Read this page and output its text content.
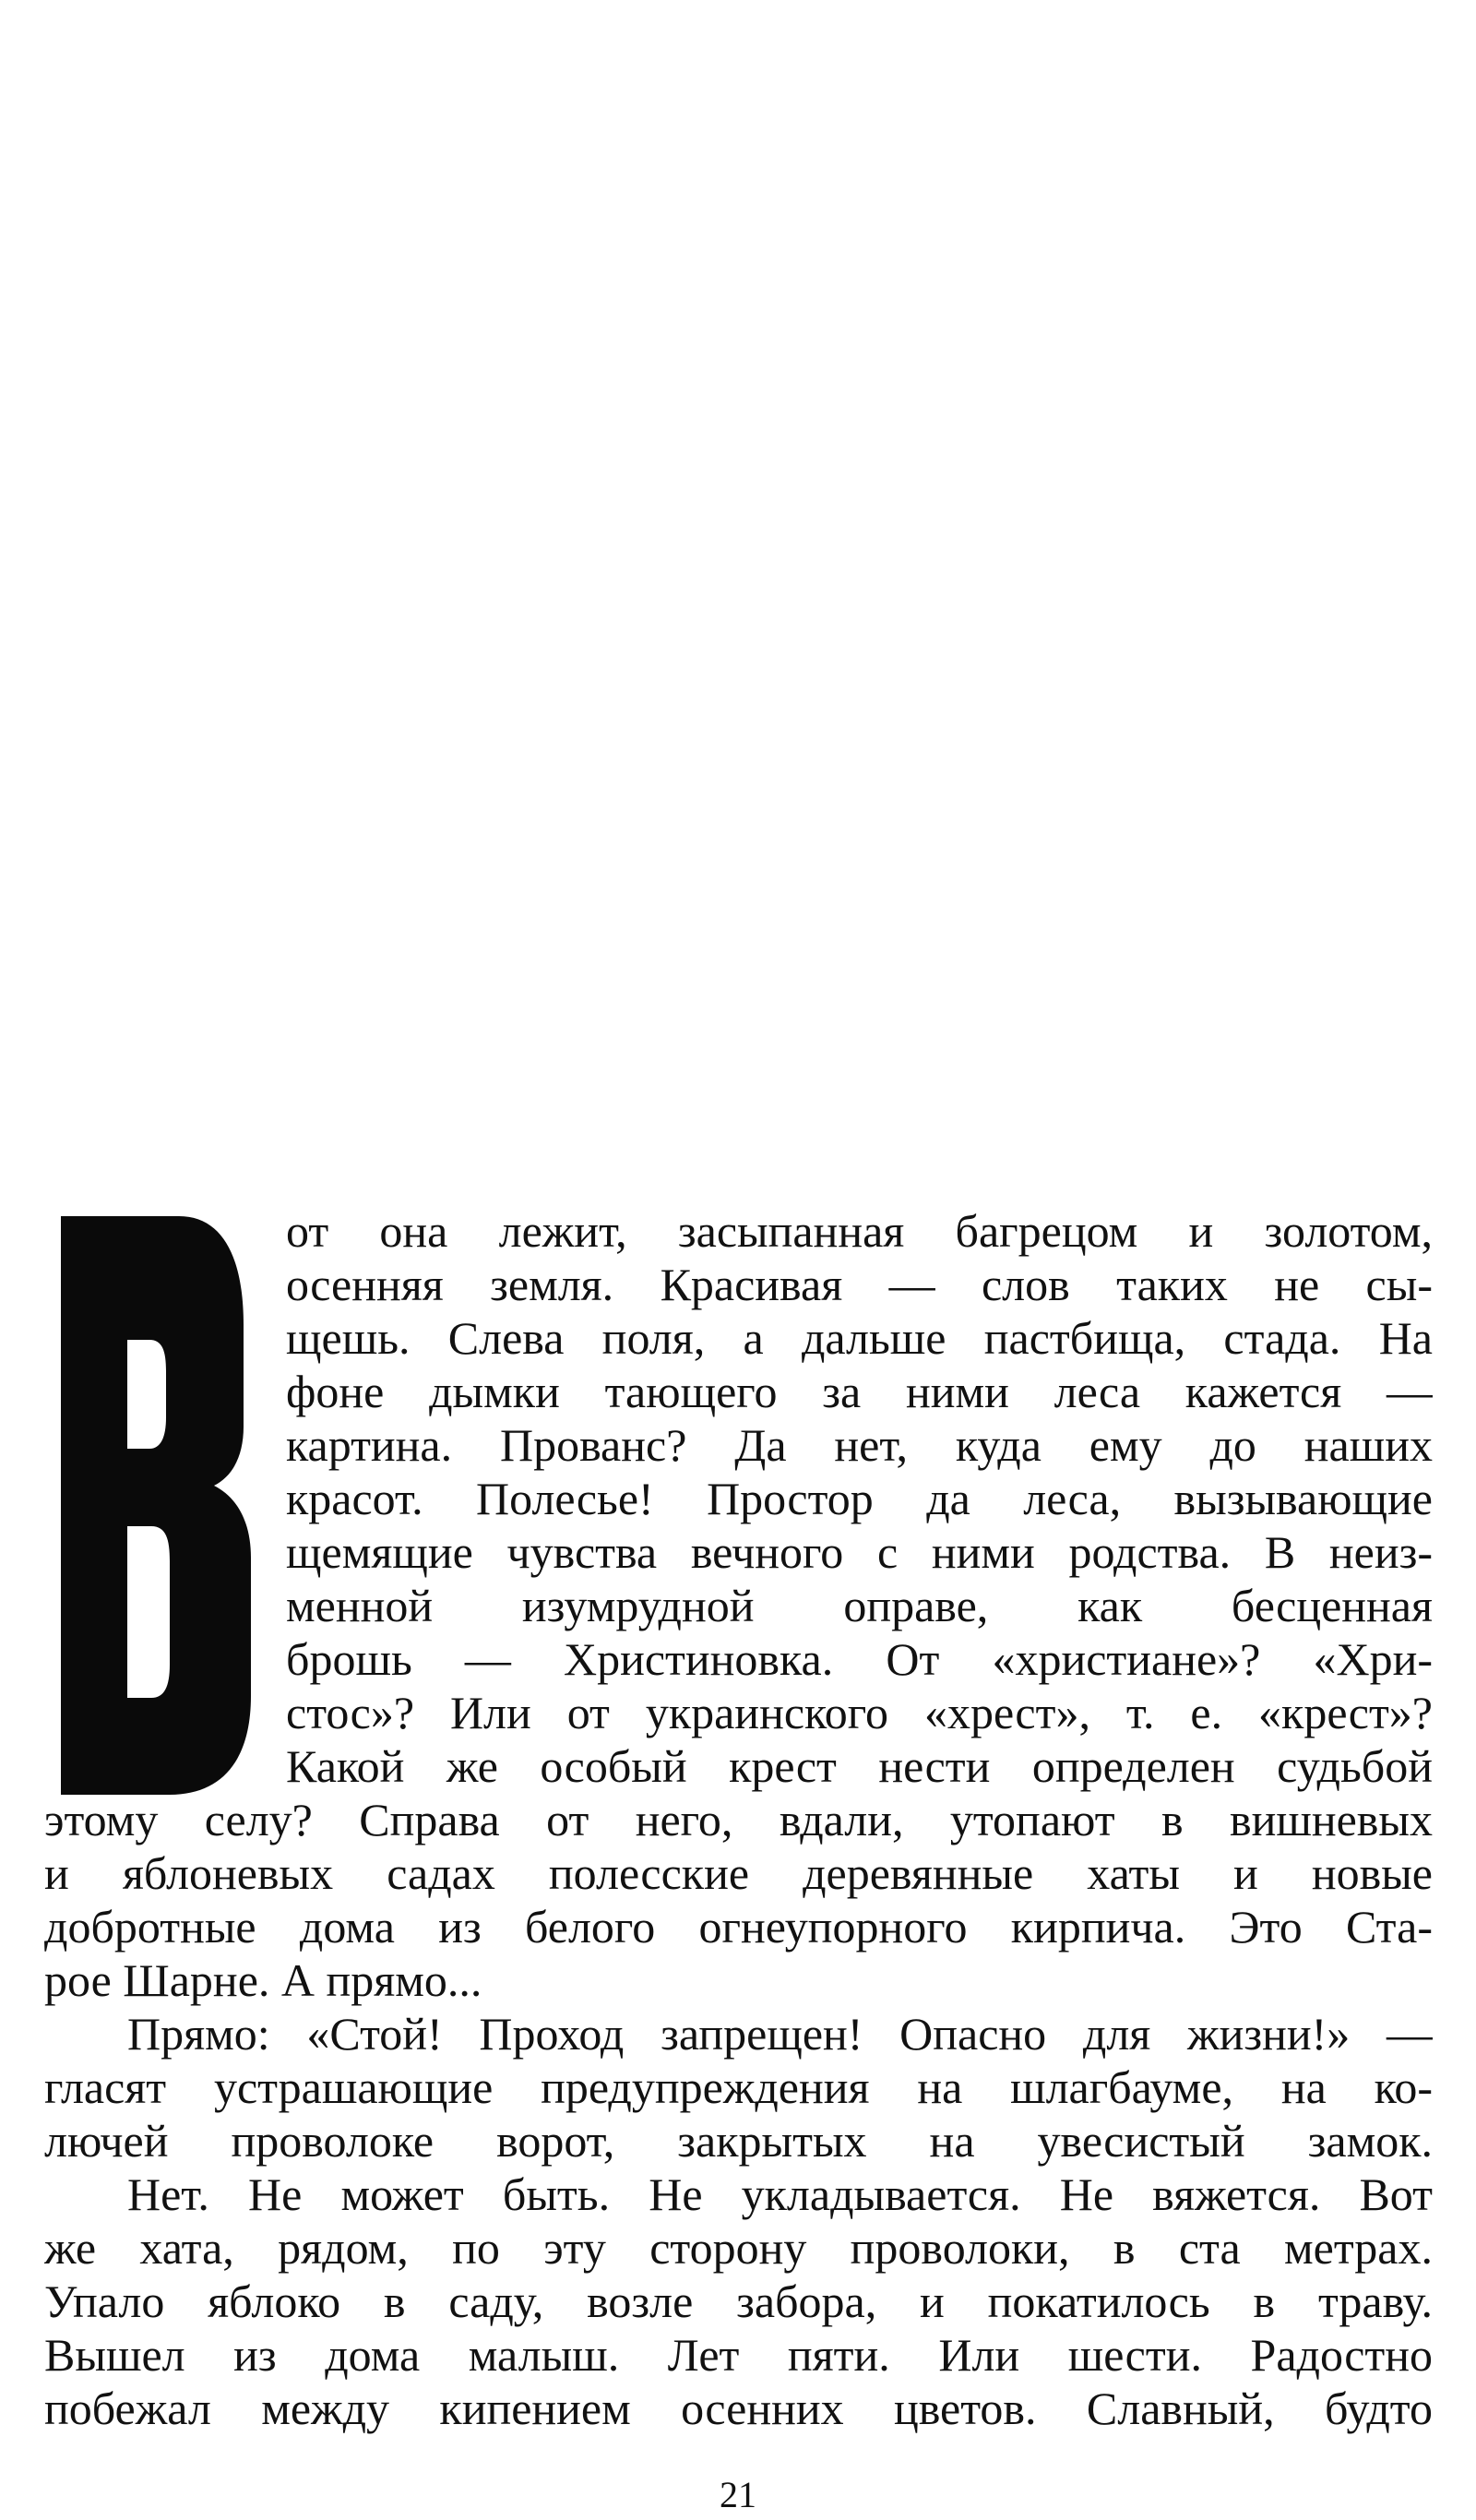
от она лежит, засыпанная багрецом и золотом,

осенняя земля. Красивая — слов таких не сы-

щешь. Слева поля, а дальше пастбища, стада. На

фоне дымки тающего за ними леса кажется —

картина. Прованс? Да нет, куда ему до наших

красот. Полесье! Простор да леса, вызывающие

щемящие чувства вечного с ними родства. В неиз-

менной изумрудной оправе, как бесценная

брошь — Христиновка. От «христиане»? «Хри-

стос»? Или от украинского «хрест», т. е. «крест»?

Какой же особый крест нести определен судьбой

этому селу? Справа от него, вдали, утопают в вишневых

и яблоневых садах полесские деревянные хаты и новые

добротные дома из белого огнеупорного кирпича. Это Ста-

рое Шарне. А прямо...

Прямо: «Стой! Проход запрещен! Опасно для жизни!» —

гласят устрашающие предупреждения на шлагбауме, на ко-

лючей проволоке ворот, закрытых на увесистый замок.

Нет. Не может быть. Не укладывается. Не вяжется. Вот

же хата, рядом, по эту сторону проволоки, в ста метрах.

Упало яблоко в саду, возле забора, и покатилось в траву.

Вышел из дома малыш. Лет пяти. Или шести. Радостно

побежал между кипением осенних цветов. Славный, будто

21
